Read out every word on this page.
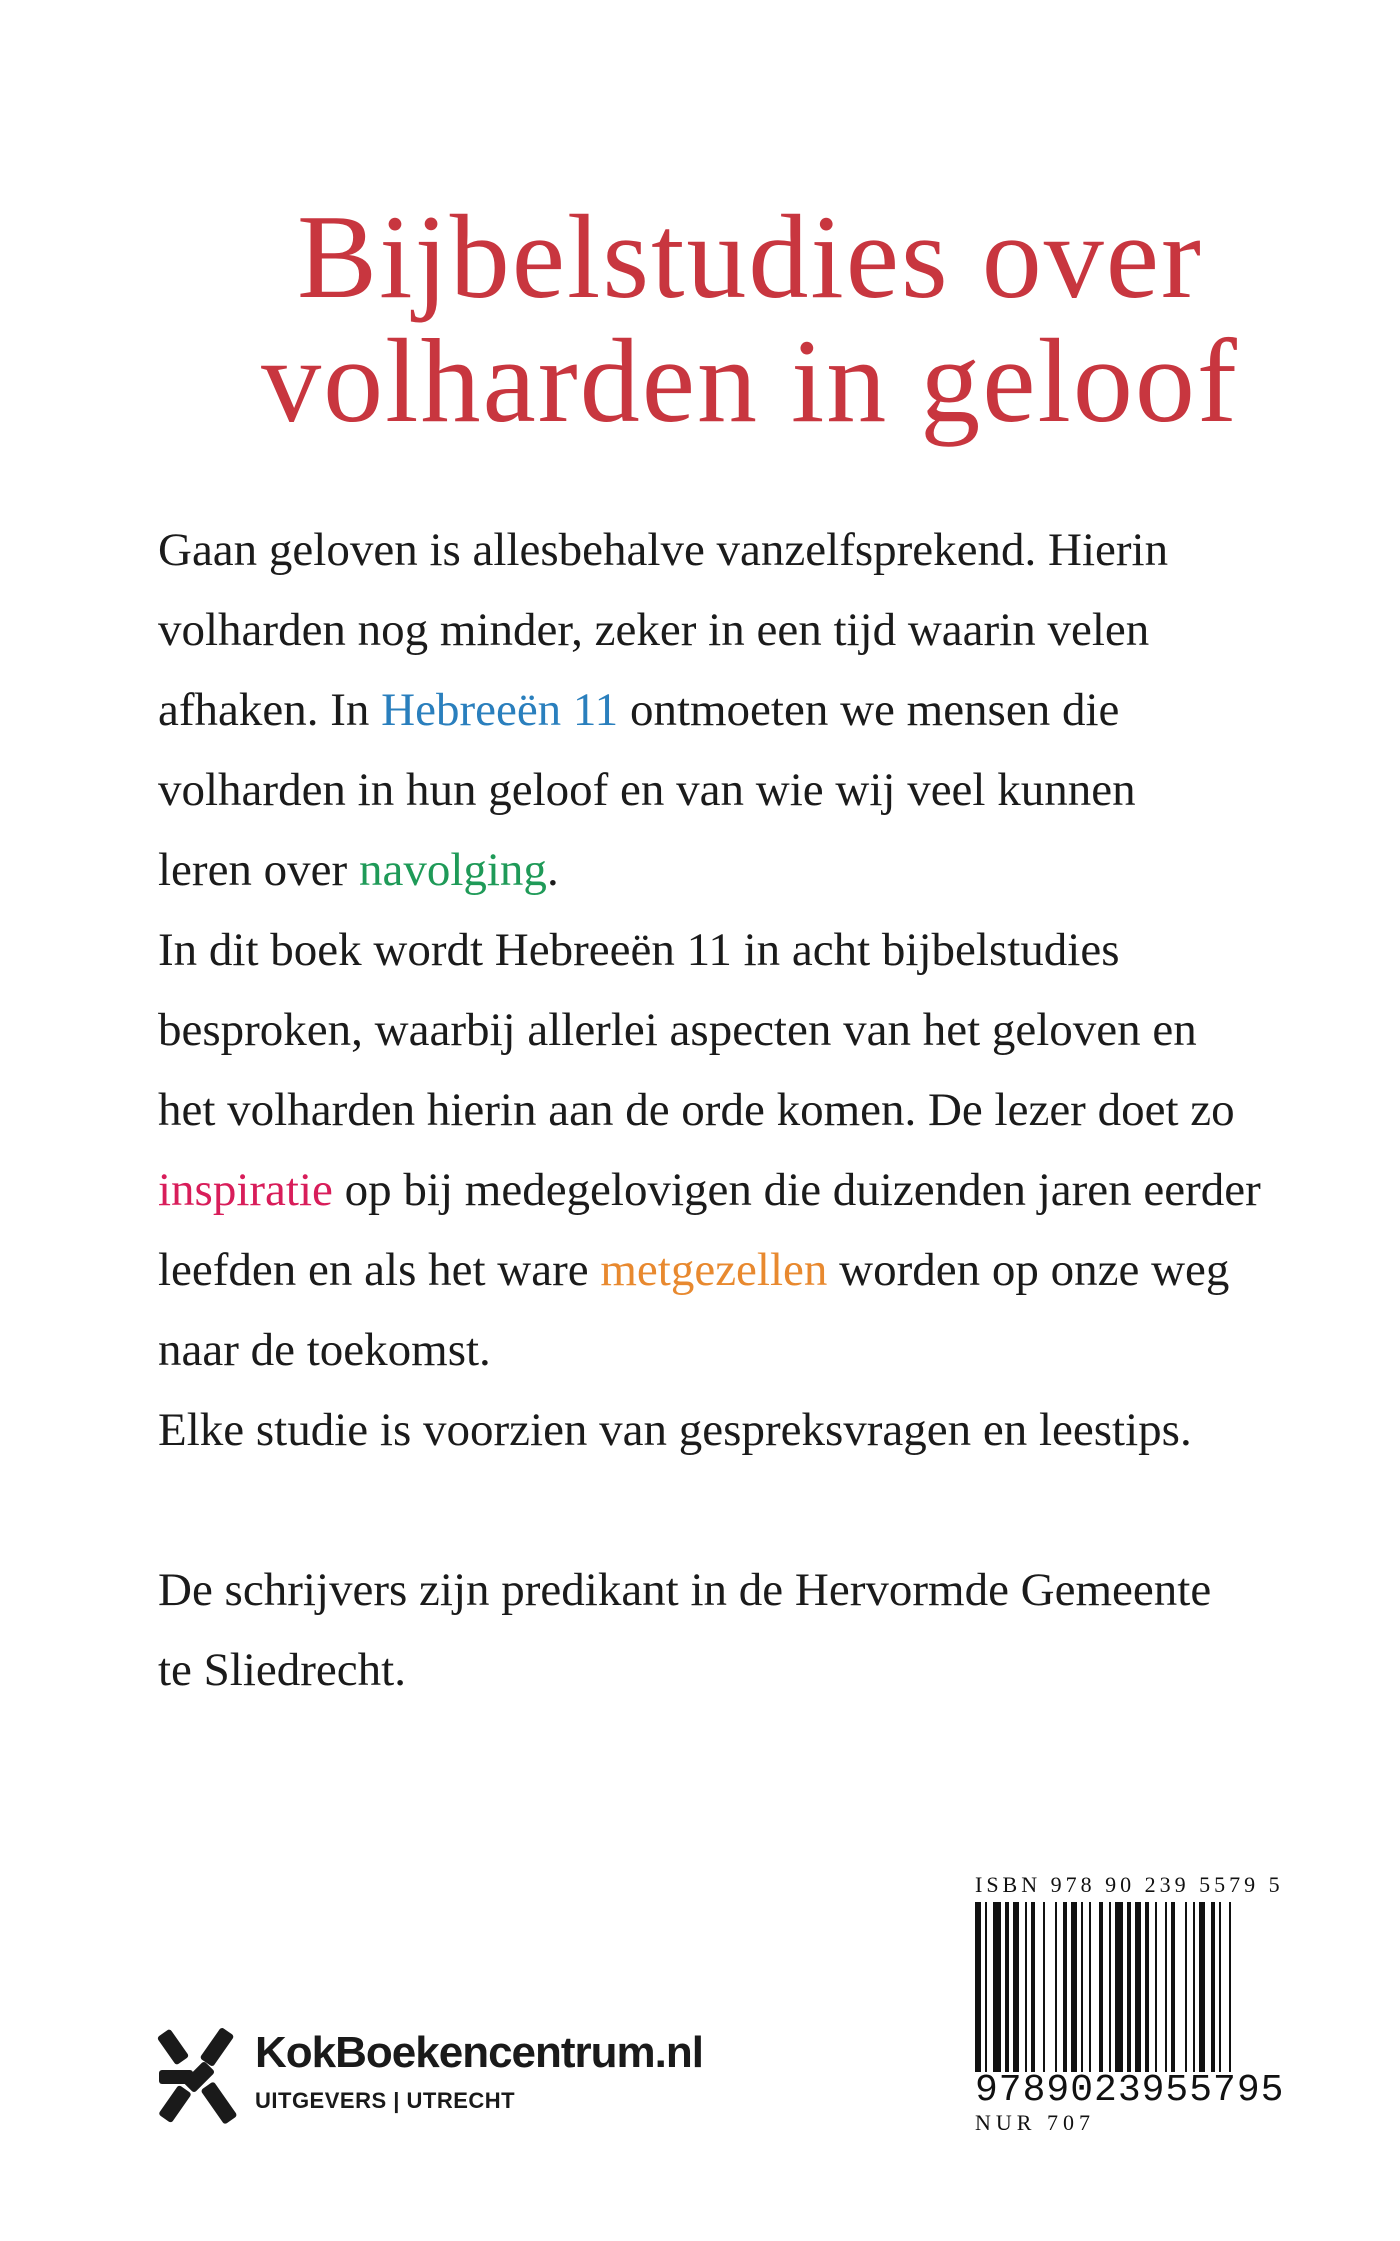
Bijbelstudies over
volharden in geloof
Gaan geloven is allesbehalve vanzelfsprekend. Hierin
volharden nog minder, zeker in een tijd waarin velen
afhaken. In Hebreeën 11 ontmoeten we mensen die
volharden in hun geloof en van wie wij veel kunnen
leren over navolging.
In dit boek wordt Hebreeën 11 in acht bijbelstudies
besproken, waarbij allerlei aspecten van het geloven en
het volharden hierin aan de orde komen. De lezer doet zo
inspiratie op bij medegelovigen die duizenden jaren eerder
leefden en als het ware metgezellen worden op onze weg
naar de toekomst.
Elke studie is voorzien van gespreksvragen en leestips.

De schrijvers zijn predikant in de Hervormde Gemeente
te Sliedrecht.
ISBN 978 90 239 5579 5
9789023955795
NUR 707
KokBoekencentrum.nl
UITGEVERS | UTRECHT
